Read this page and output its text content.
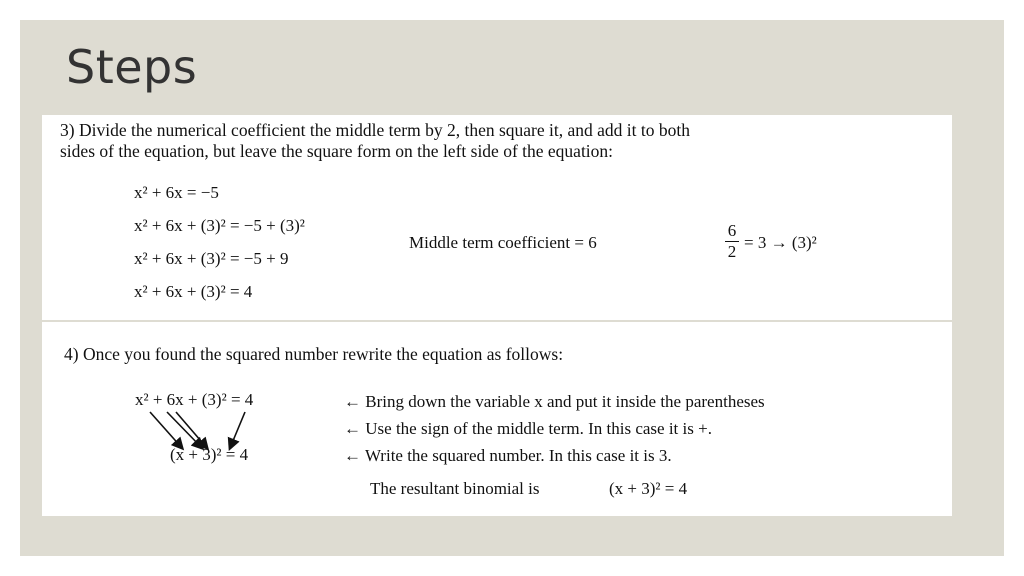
Steps
3) Divide the numerical coefficient the middle term by 2, then square it, and add it to both
sides of the equation, but leave the square form on the left side of the equation:
x² + 6x = −5
x² + 6x + (3)² = −5 + (3)²
x² + 6x + (3)² = −5 + 9
x² + 6x + (3)² = 4
Middle term coefficient = 6
6
2 = 3 → (3)²
4) Once you found the squared number rewrite the equation as follows:
x² + 6x + (3)² = 4
(x + 3)² = 4
← Bring down the variable x and put it inside the parentheses
← Use the sign of the middle term. In this case it is +.
← Write the squared number. In this case it is 3.
The resultant binomial is	(x + 3)² = 4
